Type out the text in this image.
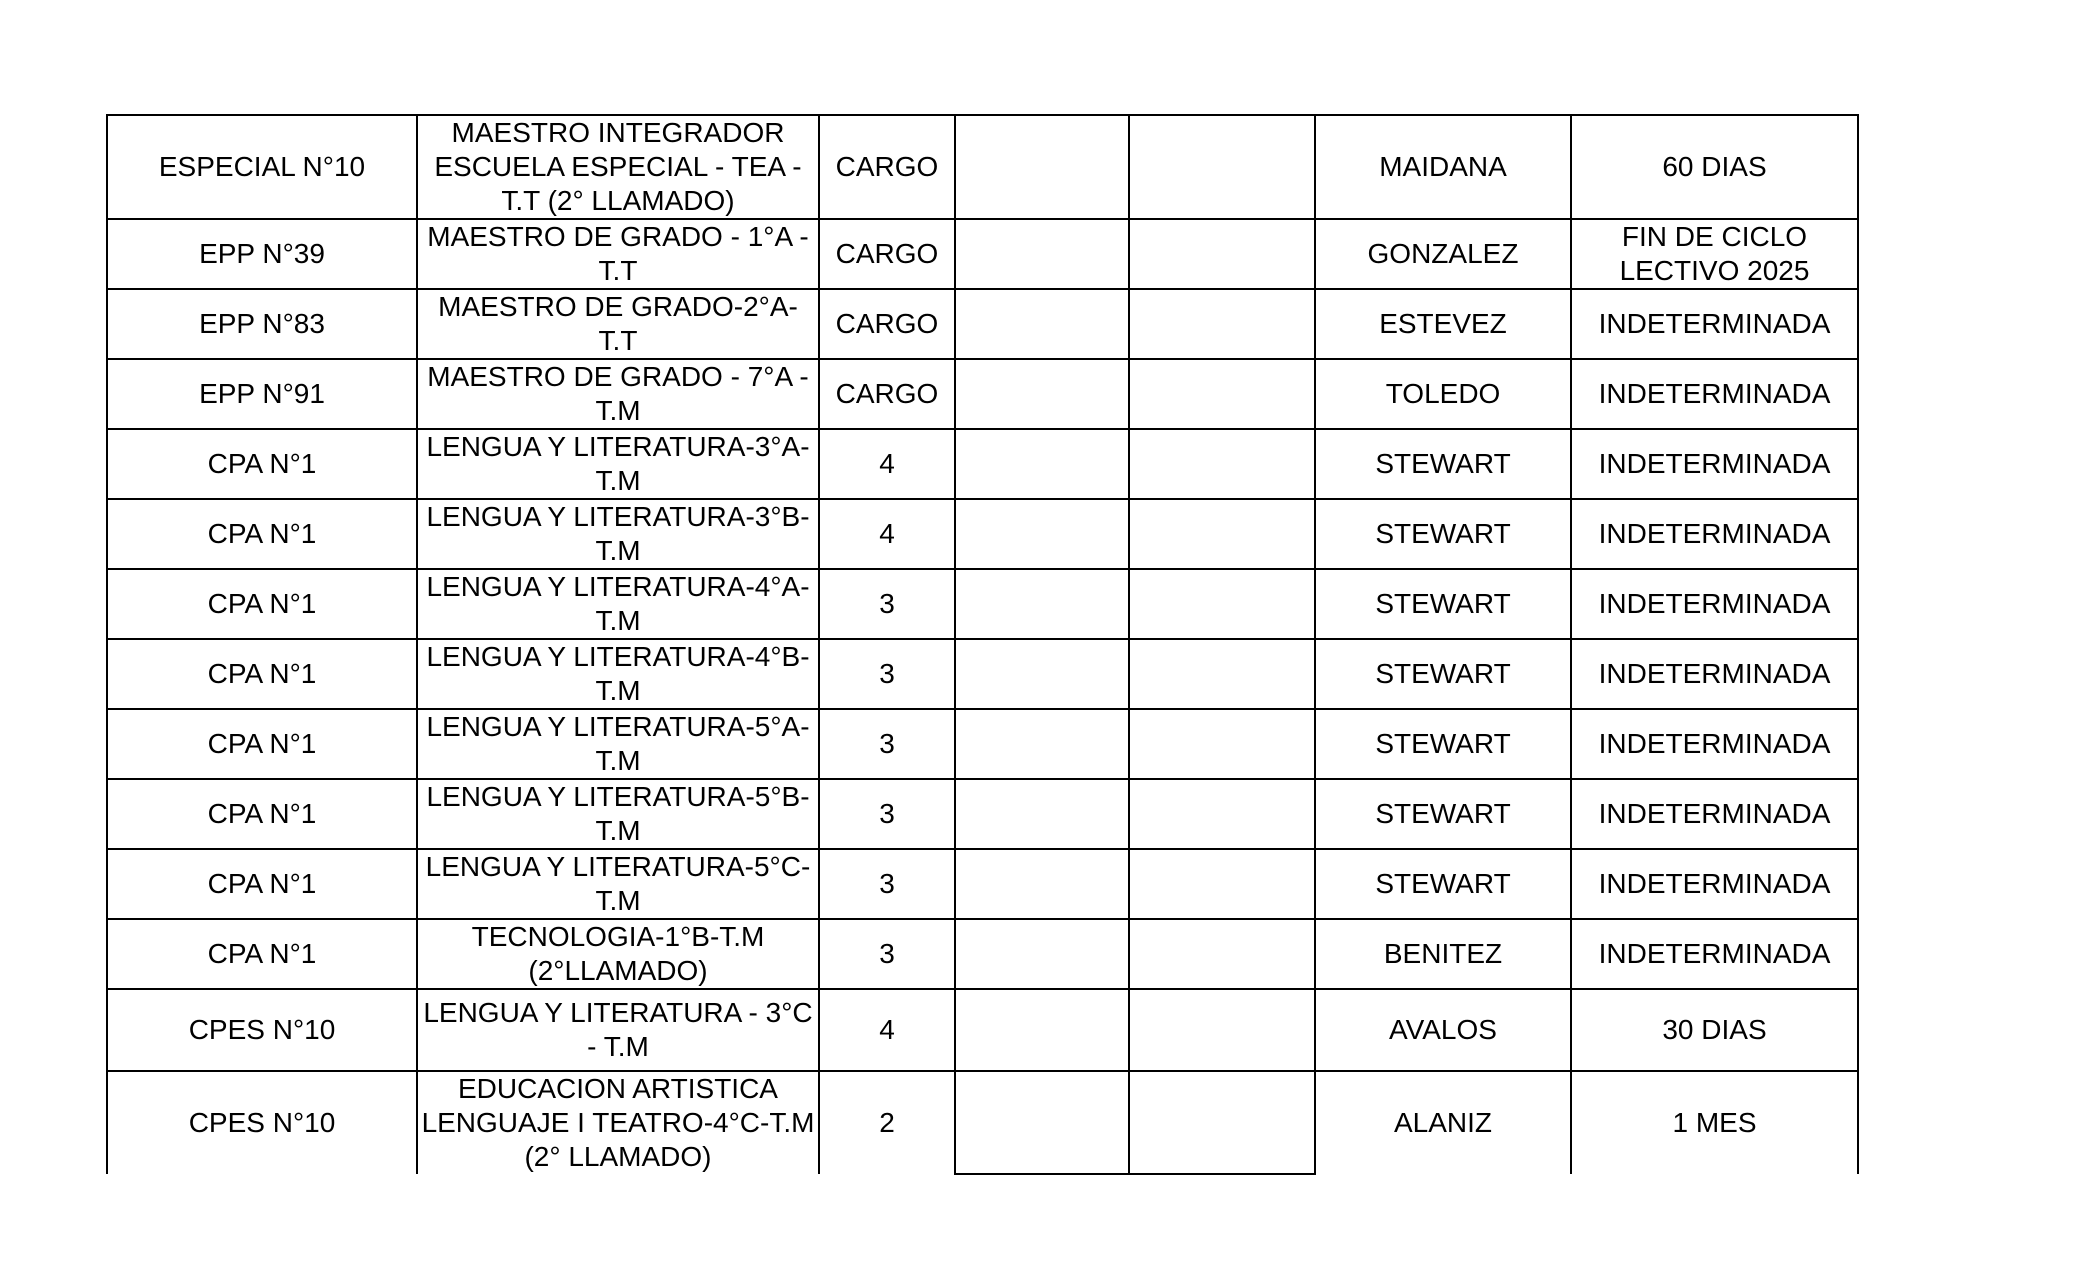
ESPECIAL N°10	MAESTRO INTEGRADOR ESCUELA ESPECIAL - TEA - T.T (2° LLAMADO)	CARGO			MAIDANA	60 DIAS
EPP N°39	MAESTRO DE GRADO - 1°A - T.T	CARGO			GONZALEZ	FIN DE CICLO LECTIVO 2025
EPP N°83	MAESTRO DE GRADO-2°A-T.T	CARGO			ESTEVEZ	INDETERMINADA
EPP N°91	MAESTRO DE GRADO - 7°A - T.M	CARGO			TOLEDO	INDETERMINADA
CPA N°1	LENGUA Y LITERATURA-3°A-T.M	4			STEWART	INDETERMINADA
CPA N°1	LENGUA Y LITERATURA-3°B-T.M	4			STEWART	INDETERMINADA
CPA N°1	LENGUA Y LITERATURA-4°A-T.M	3			STEWART	INDETERMINADA
CPA N°1	LENGUA Y LITERATURA-4°B-T.M	3			STEWART	INDETERMINADA
CPA N°1	LENGUA Y LITERATURA-5°A-T.M	3			STEWART	INDETERMINADA
CPA N°1	LENGUA Y LITERATURA-5°B-T.M	3			STEWART	INDETERMINADA
CPA N°1	LENGUA Y LITERATURA-5°C-T.M	3			STEWART	INDETERMINADA
CPA N°1	TECNOLOGIA-1°B-T.M (2°LLAMADO)	3			BENITEZ	INDETERMINADA
CPES N°10	LENGUA Y LITERATURA - 3°C - T.M	4			AVALOS	30 DIAS
CPES N°10	EDUCACION ARTISTICA LENGUAJE I TEATRO-4°C-T.M (2° LLAMADO)	2			ALANIZ	1 MES
